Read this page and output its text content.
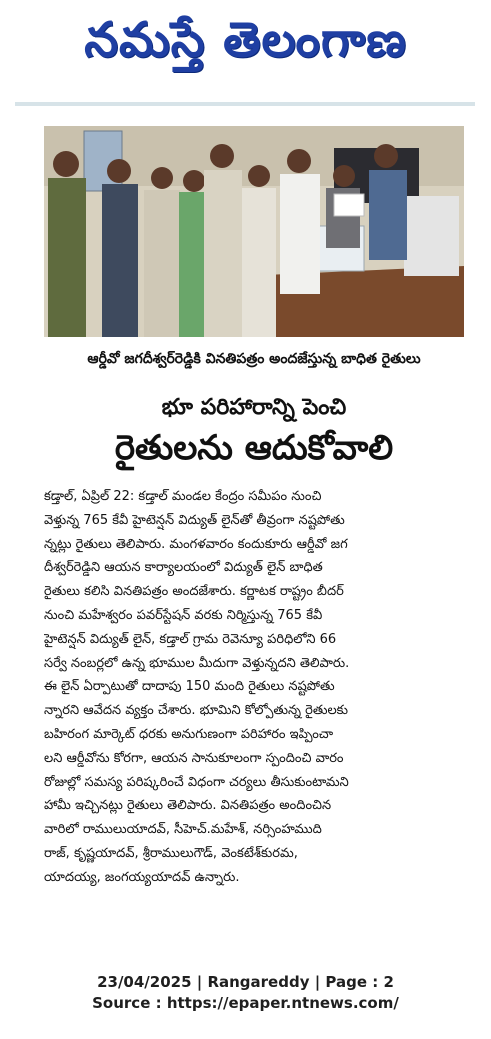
నమస్తే తెలంగాణ
ఆర్డీవో జగదీశ్వర్‌రెడ్డికి వినతిపత్రం అందజేస్తున్న బాధిత రైతులు
భూ పరిహారాన్ని పెంచి
రైతులను ఆదుకోవాలి
కడ్తాల్, ఏప్రిల్ 22: కడ్తాల్ మండల కేంద్రం సమీపం నుంచి
వెళ్తున్న 765 కేవీ హైటెన్షన్ విద్యుత్ లైన్‌తో తీవ్రంగా నష్టపోతు
న్నట్లు రైతులు తెలిపారు. మంగళవారం కందుకూరు ఆర్డీవో జగ
దీశ్వర్‌రెడ్డిని ఆయన కార్యాలయంలో విద్యుత్ లైన్ బాధిత
రైతులు కలిసి వినతిపత్రం అందజేశారు. కర్ణాటక రాష్ట్రం బీదర్
నుంచి మహేశ్వరం పవర్‌స్టేషన్ వరకు నిర్మిస్తున్న 765 కేవీ
హైటెన్షన్ విద్యుత్ లైన్, కడ్తాల్ గ్రామ రెవెన్యూ పరిధిలోని 66
సర్వే నంబర్లలో ఉన్న భూముల మీదుగా వెళ్తున్నదని తెలిపారు.
ఈ లైన్ ఏర్పాటుతో దాదాపు 150 మంది రైతులు నష్టపోతు
న్నారని ఆవేదన వ్యక్తం చేశారు. భూమిని కోల్పోతున్న రైతులకు
బహిరంగ మార్కెట్ ధరకు అనుగుణంగా పరిహారం ఇప్పించా
లని ఆర్డీవోను కోరగా, ఆయన సానుకూలంగా స్పందించి వారం
రోజుల్లో సమస్య పరిష్కరించే విధంగా చర్యలు తీసుకుంటామని
హామీ ఇచ్చినట్లు రైతులు తెలిపారు. వినతిపత్రం అందించిన
వారిలో రాములుయాదవ్, సీహెచ్.మహేశ్, నర్సింహముది
రాజ్, కృష్ణయాదవ్, శ్రీరాములుగౌడ్, వెంకటేశ్‌కురమ,
యాదయ్య, జంగయ్యయాదవ్ ఉన్నారు.
23/04/2025 | Rangareddy | Page : 2
Source : https://epaper.ntnews.com/
